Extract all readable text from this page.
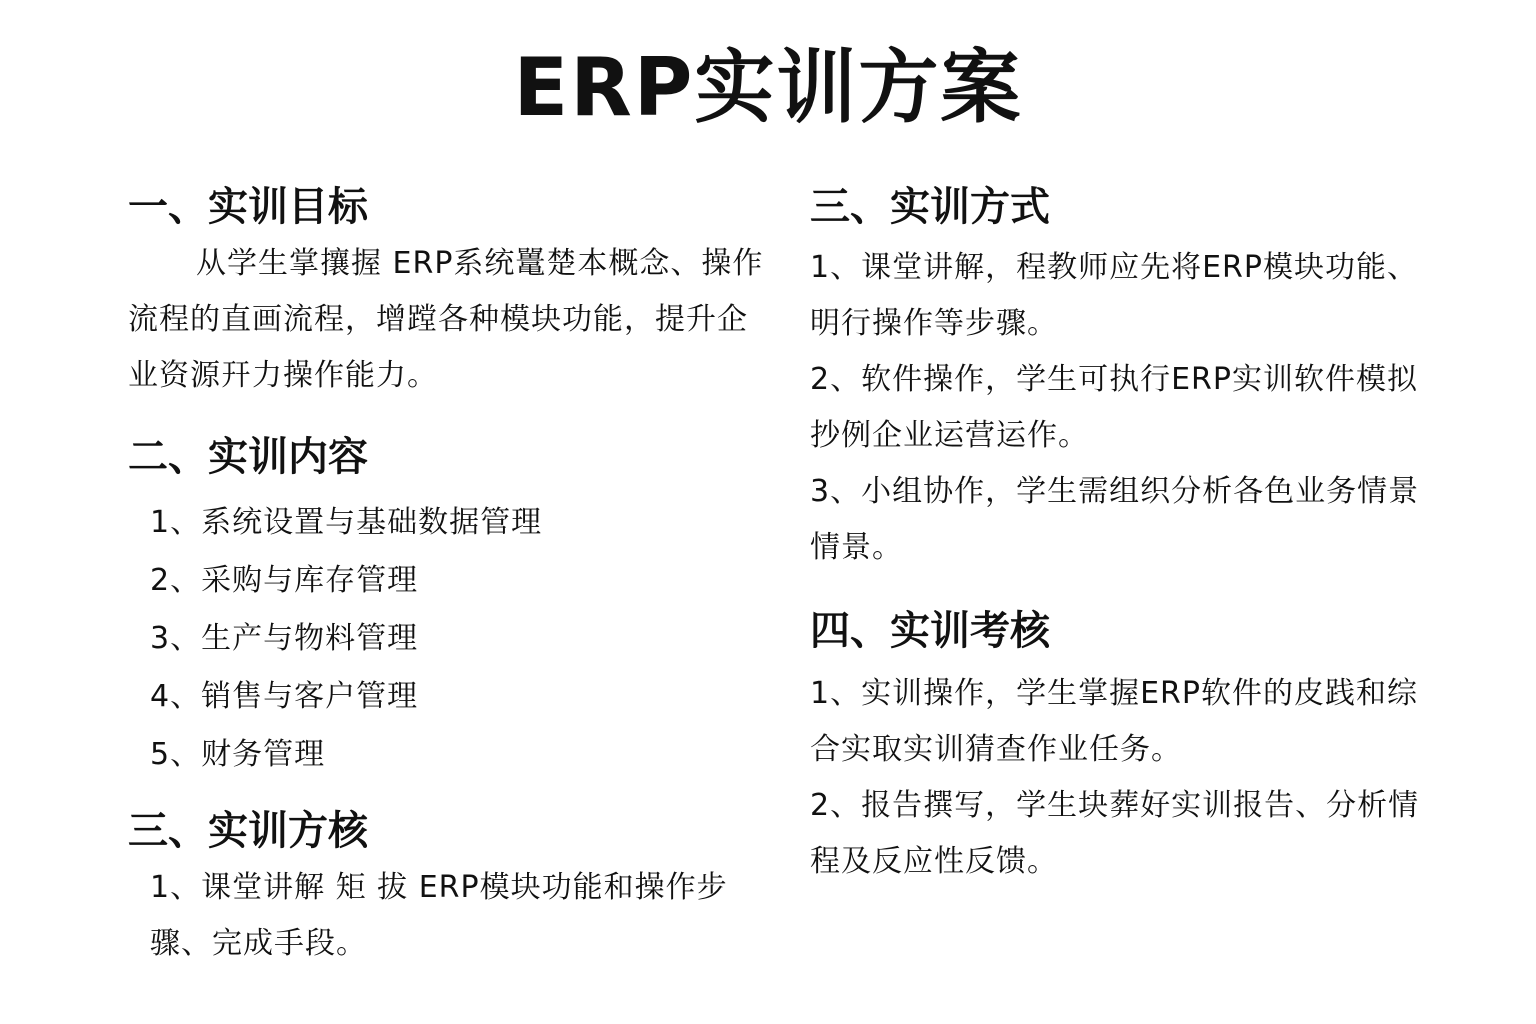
ERP实训方案
一、实训目标

从学生掌攘握 ERP系统鼍楚本概念、操作流程的直画流程，增蹚各种模块功能，提升企业资源幵力操作能力。

二、实训内容
1、系统设置与基础数据管理
2、采购与库存管理
3、生产与物料管理
4、销售与客户管理
5、财务管理
三、实训方核
1、课堂讲解 矩 拔 ERP模块功能和操作步骤、完成手段。
三、实训方式
1、课堂讲解，程教师应先将ERP模块功能、明行操作等步骤。
2、软件操作，学生可执行ERP实训软件模拟抄例企业运营运作。
3、小组协作，学生需组织分析各色业务情景情景。
四、实训考核
1、实训操作，学生掌握ERP软件的皮践和综合实取实训猜查作业任务。
2、报告撰写，学生块葬好实训报告、分析情程及反应性反馈。
